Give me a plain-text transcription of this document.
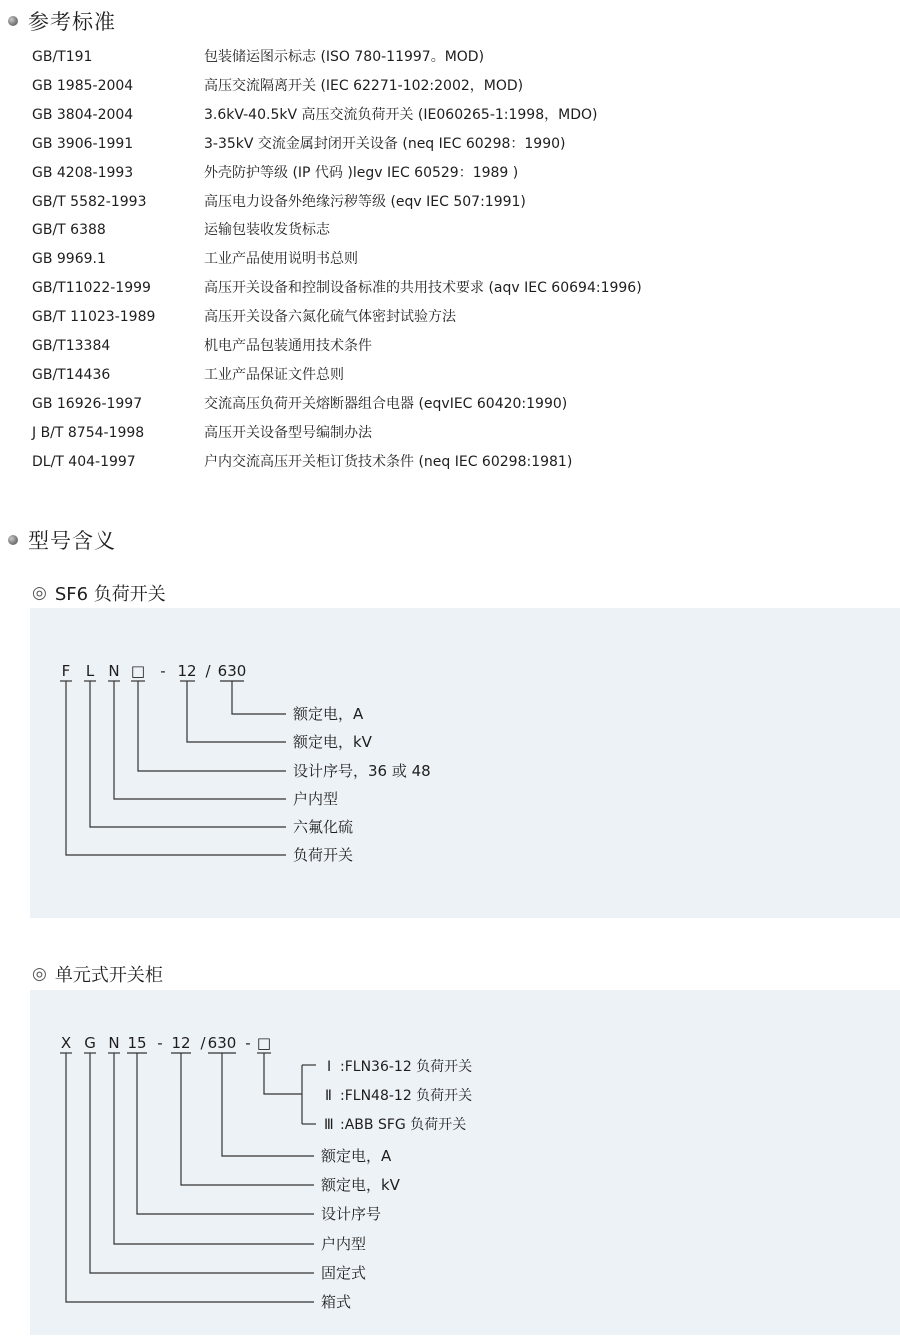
参考标准
GB/T191	包装储运图示标志 (ISO 780-11997。MOD)
GB 1985-2004	高压交流隔离开关 (IEC 62271-102:2002，MOD)
GB 3804-2004	3.6kV-40.5kV 高压交流负荷开关 (IE060265-1:1998，MDO)
GB 3906-1991	3-35kV 交流金属封闭开关设备 (neq IEC 60298：1990)
GB 4208-1993	外壳防护等级 (IP 代码 )legv IEC 60529：1989 )
GB/T 5582-1993	高压电力设备外绝缘污秽等级 (eqv IEC 507:1991)
GB/T 6388	运输包装收发货标志
GB 9969.1	工业产品使用说明书总则
GB/T11022-1999	高压开关设备和控制设备标准的共用技术要求 (aqv IEC 60694:1996)
GB/T 11023-1989	高压开关设备六氮化硫气体密封试验方法
GB/T13384	机电产品包装通用技术条件
GB/T14436	工业产品保证文件总则
GB 16926-1997	交流高压负荷开关熔断器组合电器 (eqvIEC 60420:1990)
J B/T 8754-1998	高压开关设备型号编制办法
DL/T 404-1997	户内交流高压开关柜订货技术条件 (neq IEC 60298:1981)
型号含义
◎ SF6 负荷开关
F L N □ - 12 / 630
额定电，A
额定电，kV
设计序号，36 或 48
户内型
六氟化硫
负荷开关
◎ 单元式开关柜
X G N 15 - 12 / 630 - □
Ⅰ :FLN36-12 负荷开关
Ⅱ :FLN48-12 负荷开关
Ⅲ :ABB SFG 负荷开关
额定电，A
额定电，kV
设计序号
户内型
固定式
箱式
